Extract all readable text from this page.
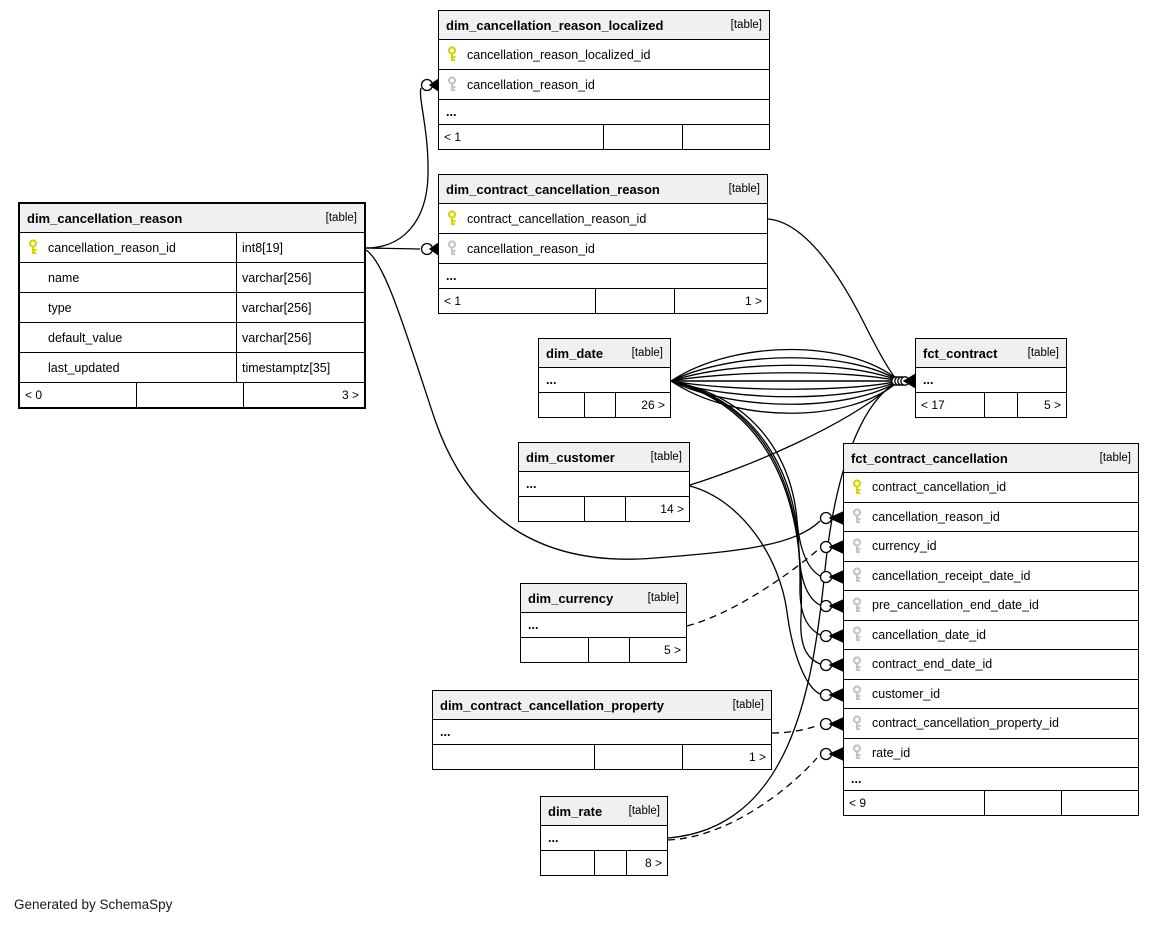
dim_cancellation_reason_localized	[table]
cancellation_reason_localized_id
cancellation_reason_id
...
< 1
dim_contract_cancellation_reason	[table]
contract_cancellation_reason_id
cancellation_reason_id
...
< 1	1 >
dim_cancellation_reason	[table]
cancellation_reason_id	int8[19]
name	varchar[256]
type	varchar[256]
default_value	varchar[256]
last_updated	timestamptz[35]
< 0	3 >
dim_date [table]
...
26 >
fct_contract	[table]
...
< 17	5 >
dim_customer	[table]
...
14 >
fct_contract_cancellation	[table]
contract_cancellation_id
cancellation_reason_id
currency_id
cancellation_receipt_date_id
pre_cancellation_end_date_id
cancellation_date_id
contract_end_date_id
customer_id
contract_cancellation_property_id
rate_id
...
< 9
dim_currency	[table]
...
5 >
dim_contract_cancellation_property	[table]
...
1 >
dim_rate [table]
...
8 >
Generated by SchemaSpy
